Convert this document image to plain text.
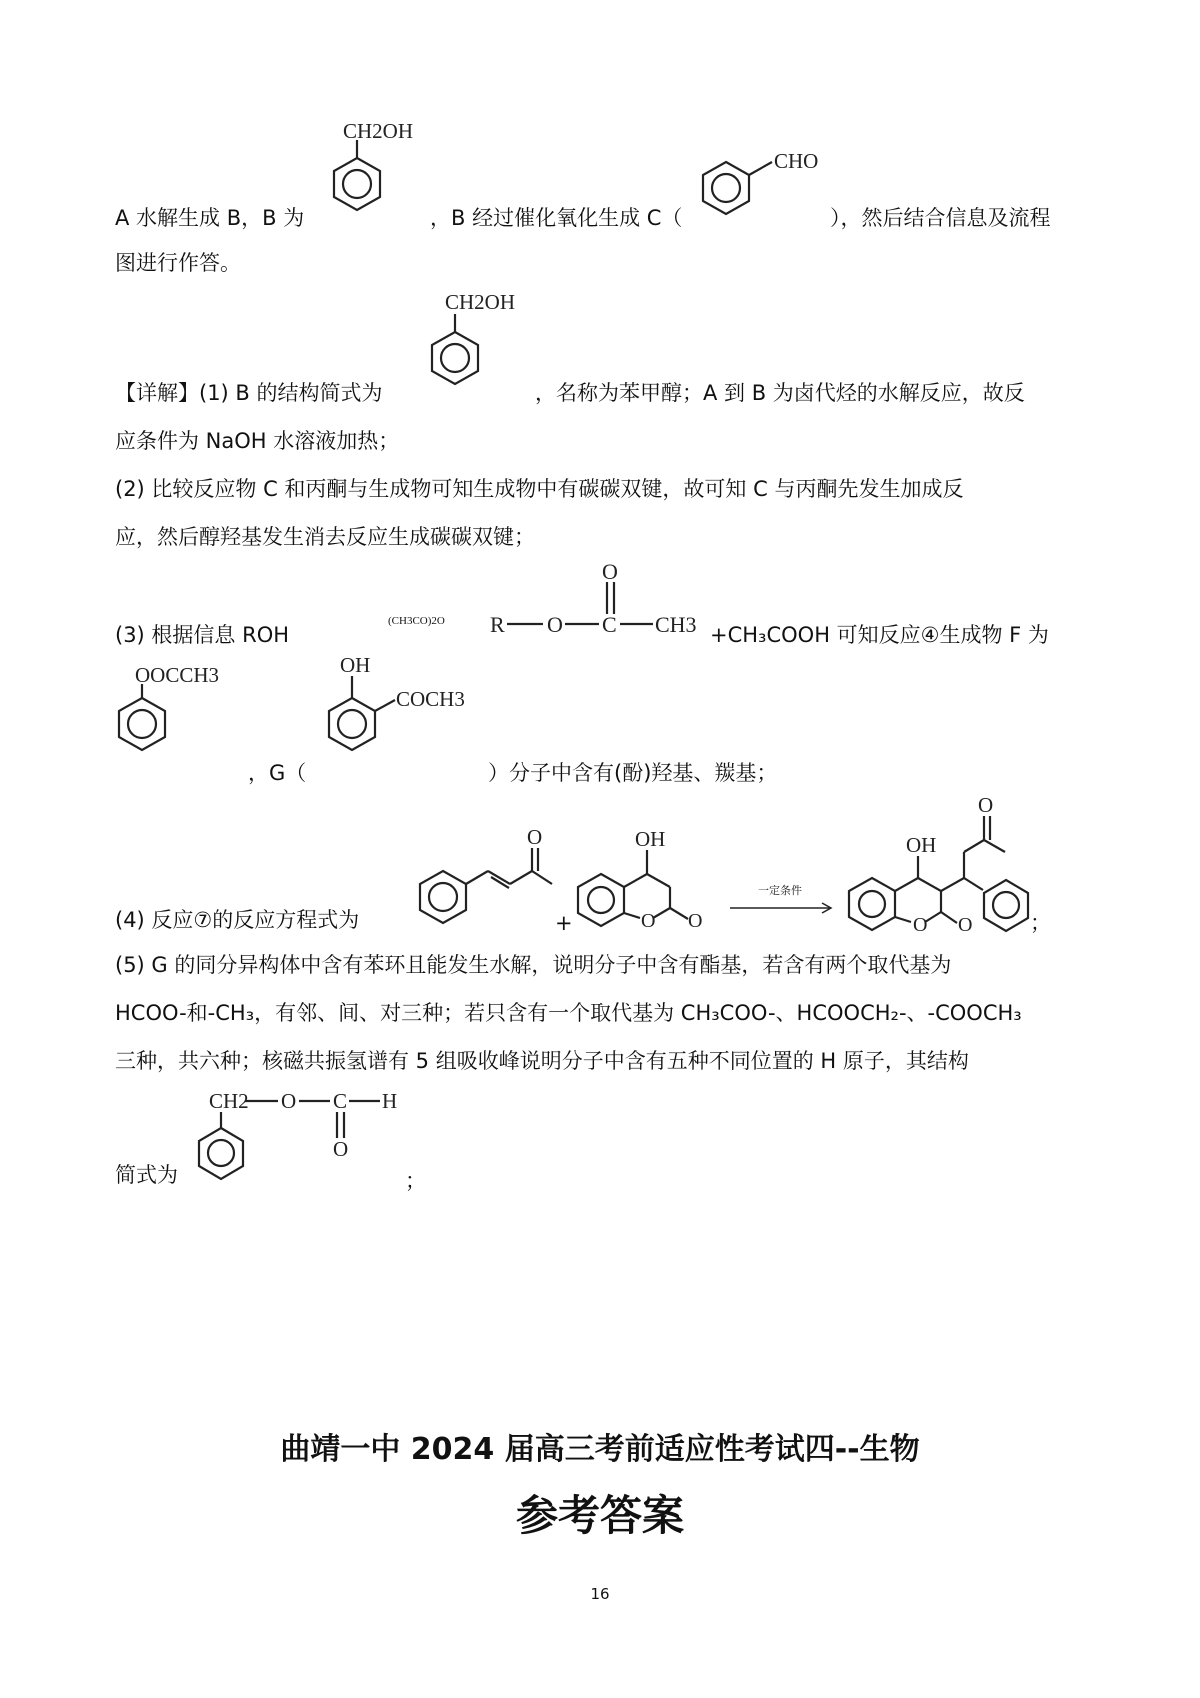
CH2OH
A 水解生成 B，B 为	，B 经过催化氧化生成 C（
CHO
），然后结合信息及流程
图进行作答。
CH2OH
【详解】(1) B 的结构简式为	，名称为苯甲醇；A 到 B 为卤代烃的水解反应，故反
应条件为 NaOH 水溶液加热；
(2) 比较反应物 C 和丙酮与生成物可知生成物中有碳碳双键，故可知 C 与丙酮先发生加成反
应，然后醇羟基发生消去反应生成碳碳双键；
(3) 根据信息 ROH
(CH3CO)2O R O C
O
CH3 +CH₃COOH 可知反应④生成物 F 为
OOCCH3	OH
COCH3
，G（	）分子中含有(酚)羟基、羰基；
(4) 反应⑦的反应方程式为
O
+	O O
OH
一定条件
O O
OH
O
；
(5) G 的同分异构体中含有苯环且能发生水解，说明分子中含有酯基，若含有两个取代基为
HCOO-和-CH₃，有邻、间、对三种；若只含有一个取代基为 CH₃COO-、HCOOCH₂-、-COOCH₃
三种，共六种；核磁共振氢谱有 5 组吸收峰说明分子中含有五种不同位置的 H 原子，其结构
CH2 O C H
O
简式为	；
曲靖一中 2024 届高三考前适应性考试四--生物
参考答案
16
